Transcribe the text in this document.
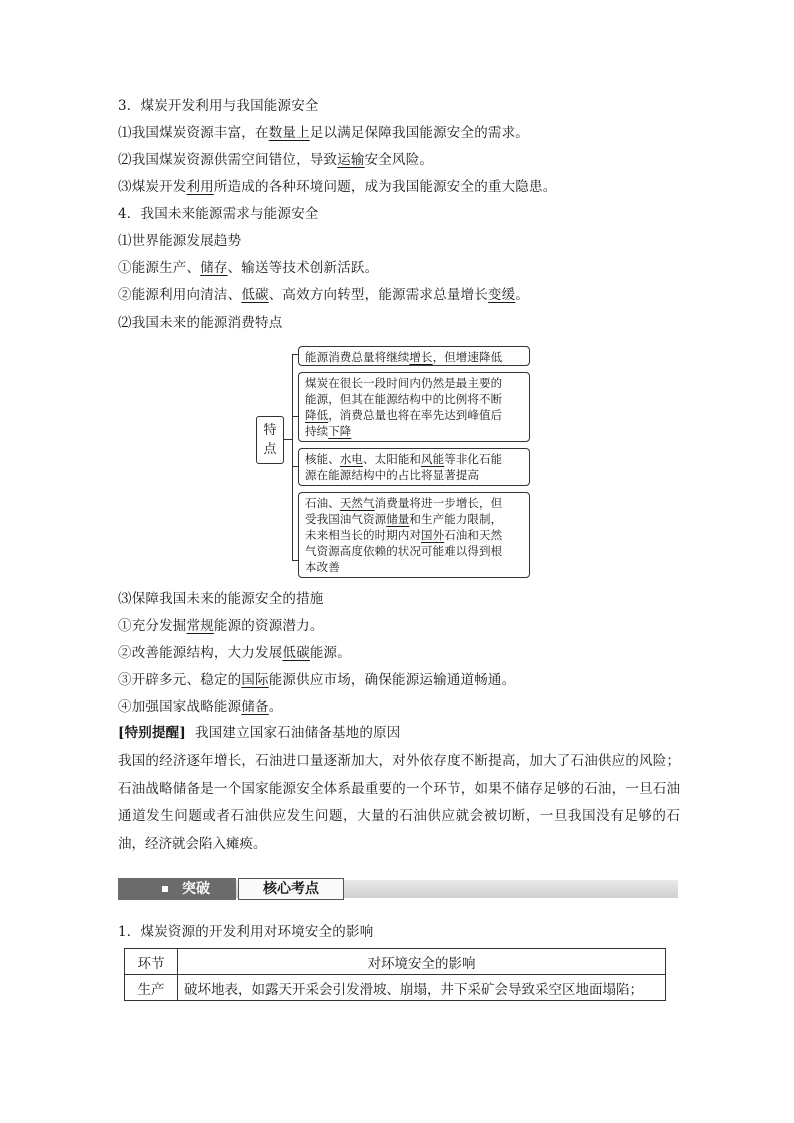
3．煤炭开发利用与我国能源安全
⑴我国煤炭资源丰富，在数量上足以满足保障我国能源安全的需求。
⑵我国煤炭资源供需空间错位，导致运输安全风险。
⑶煤炭开发利用所造成的各种环境问题，成为我国能源安全的重大隐患。
4．我国未来能源需求与能源安全
⑴世界能源发展趋势
①能源生产、储存、输送等技术创新活跃。
②能源利用向清洁、低碳、高效方向转型，能源需求总量增长变缓。
⑵我国未来的能源消费特点
特
点
能源消费总量将继续增长，但增速降低
煤炭在很长一段时间内仍然是最主要的
能源，但其在能源结构中的比例将不断
降低，消费总量也将在率先达到峰值后
持续下降
核能、水电、太阳能和风能等非化石能
源在能源结构中的占比将显著提高
石油、天然气消费量将进一步增长，但
受我国油气资源储量和生产能力限制，
未来相当长的时期内对国外石油和天然
气资源高度依赖的状况可能难以得到根
本改善
⑶保障我国未来的能源安全的措施
①充分发掘常规能源的资源潜力。
②改善能源结构，大力发展低碳能源。
③开辟多元、稳定的国际能源供应市场，确保能源运输通道畅通。
④加强国家战略能源储备。
[特别提醒] 我国建立国家石油储备基地的原因
我国的经济逐年增长，石油进口量逐渐加大，对外依存度不断提高，加大了石油供应的风险；石油战略储备是一个国家能源安全体系最重要的一个环节，如果不储存足够的石油，一旦石油通道发生问题或者石油供应发生问题，大量的石油供应就会被切断，一旦我国没有足够的石油，经济就会陷入瘫痪。
突破	核心考点
1．煤炭资源的开发利用对环境安全的影响
环节	对环境安全的影响
生产	破坏地表，如露天开采会引发滑坡、崩塌，井下采矿会导致采空区地面塌陷；
